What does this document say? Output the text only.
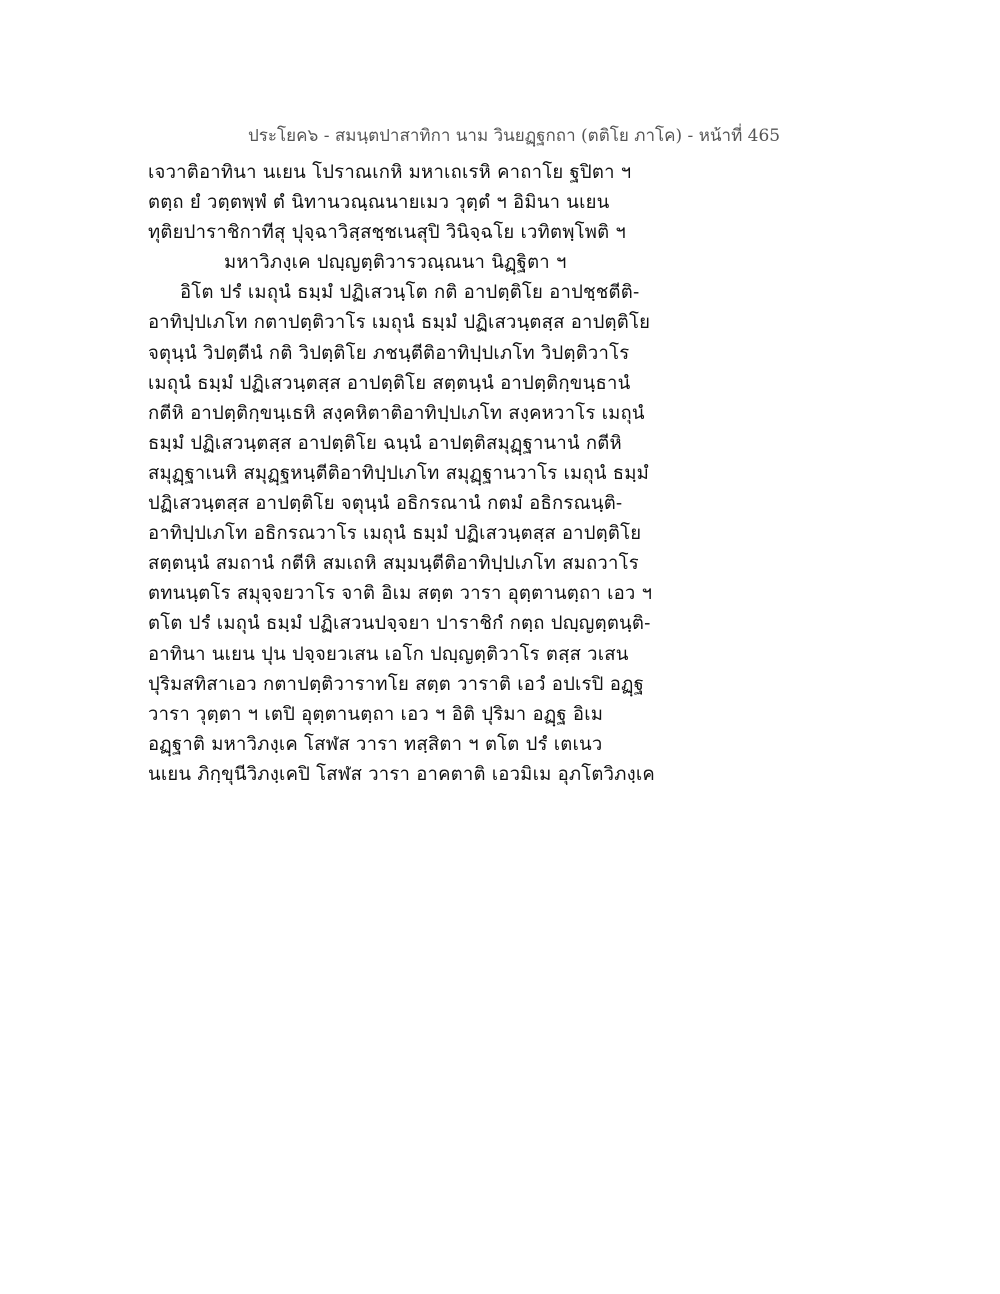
ประโยค๖ - สมนฺตปาสาทิกา นาม วินยฏฺฐกถา (ตติโย ภาโค) - หน้าที่ 465
เจวาติอาทินา นเยน โปราณเกหิ มหาเถเรหิ คาถาโย ฐปิตา ฯ
ตตฺถ ยํ วตฺตพฺพํ ตํ นิทานวณฺณนายเมว วุตฺตํ ฯ อิมินา นเยน
ทุติยปาราชิกาทีสุ ปุจฺฉาวิสฺสชฺชเนสุปิ วินิจฺฉโย เวทิตพฺโพติ ฯ
มหาวิภงฺเค ปญฺญตฺติวารวณฺณนา นิฏฺฐิตา ฯ
อิโต ปรํ เมถุนํ ธมฺมํ ปฏิเสวนฺโต กติ อาปตฺติโย อาปชฺชตีติ-
อาทิปฺปเภโท กตาปตฺติวาโร เมถุนํ ธมฺมํ ปฏิเสวนฺตสฺส อาปตฺติโย
จตุนฺนํ วิปตฺตีนํ กติ วิปตฺติโย ภชนฺตีติอาทิปฺปเภโท วิปตฺติวาโร
เมถุนํ ธมฺมํ ปฏิเสวนฺตสฺส อาปตฺติโย สตฺตนฺนํ อาปตฺติกฺขนฺธานํ
กตีหิ อาปตฺติกฺขนฺเธหิ สงฺคหิตาติอาทิปฺปเภโท สงฺคหวาโร เมถุนํ
ธมฺมํ ปฏิเสวนฺตสฺส อาปตฺติโย ฉนฺนํ อาปตฺติสมุฏฺฐานานํ กตีหิ
สมุฏฺฐาเนหิ สมุฏฺฐหนฺตีติอาทิปฺปเภโท สมุฏฺฐานวาโร เมถุนํ ธมฺมํ
ปฏิเสวนฺตสฺส อาปตฺติโย จตุนฺนํ อธิกรณานํ กตมํ อธิกรณนฺติ-
อาทิปฺปเภโท อธิกรณวาโร เมถุนํ ธมฺมํ ปฏิเสวนฺตสฺส อาปตฺติโย
สตฺตนฺนํ สมถานํ กตีหิ สมเถหิ สมฺมนฺตีติอาทิปฺปเภโท สมถวาโร
ตทนนฺตโร สมุจฺจยวาโร จาติ อิเม สตฺต วารา อุตฺตานตฺถา เอว ฯ
ตโต ปรํ เมถุนํ ธมฺมํ ปฏิเสวนปจฺจยา ปาราชิกํ กตฺถ ปญฺญตฺตนฺติ-
อาทินา นเยน ปุน ปจฺจยวเสน เอโก ปญฺญตฺติวาโร ตสฺส วเสน
ปุริมสทิสาเอว กตาปตฺติวาราทโย สตฺต วาราติ เอวํ อปเรปิ อฏฺฐ
วารา วุตฺตา ฯ เตปิ อุตฺตานตฺถา เอว ฯ อิติ ปุริมา อฏฺฐ อิเม
อฏฺฐาติ มหาวิภงฺเค โสฬส วารา ทสฺสิตา ฯ ตโต ปรํ เตเนว
นเยน ภิกฺขุนีวิภงฺเคปิ โสฬส วารา อาคตาติ เอวมิเม อุภโตวิภงฺเค
